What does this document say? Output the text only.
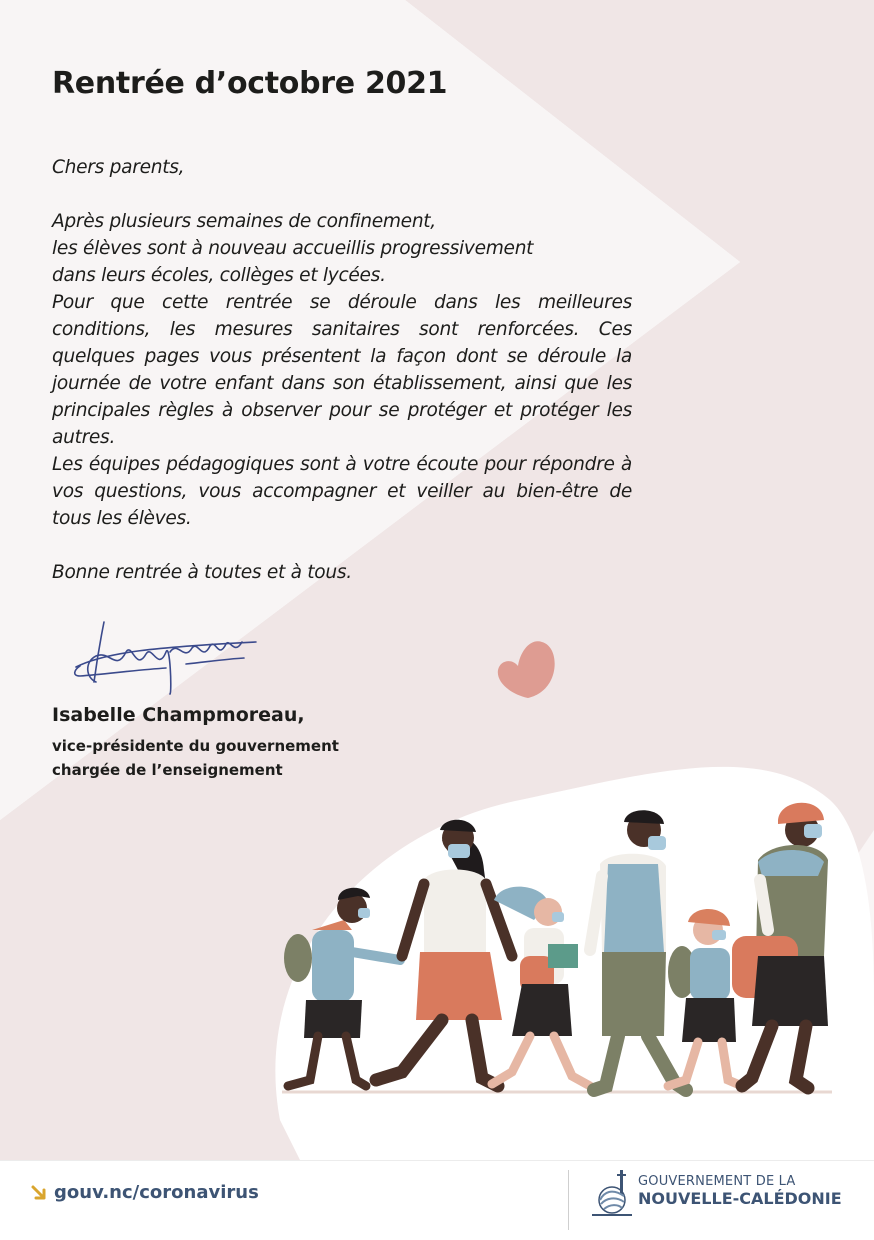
Rentrée d’octobre 2021

Chers parents,

Après plusieurs semaines de confinement,

les élèves sont à nouveau accueillis progressivement

dans leurs écoles, collèges et lycées.

Pour que cette rentrée se déroule dans les meilleures conditions, les mesures sanitaires sont renforcées. Ces quelques pages vous présentent la façon dont se déroule la journée de votre enfant dans son établissement, ainsi que les principales règles à observer pour se protéger et protéger les autres.

Les équipes pédagogiques sont à votre écoute pour répondre à vos questions, vous accompagner et veiller au bien-être de tous les élèves.

Bonne rentrée à toutes et à tous.

Isabelle Champmoreau,

vice-présidente du gouvernement
chargée de l’enseignement

gouv.nc/coronavirus
GOUVERNEMENT DE LA
NOUVELLE-CALÉDONIE
